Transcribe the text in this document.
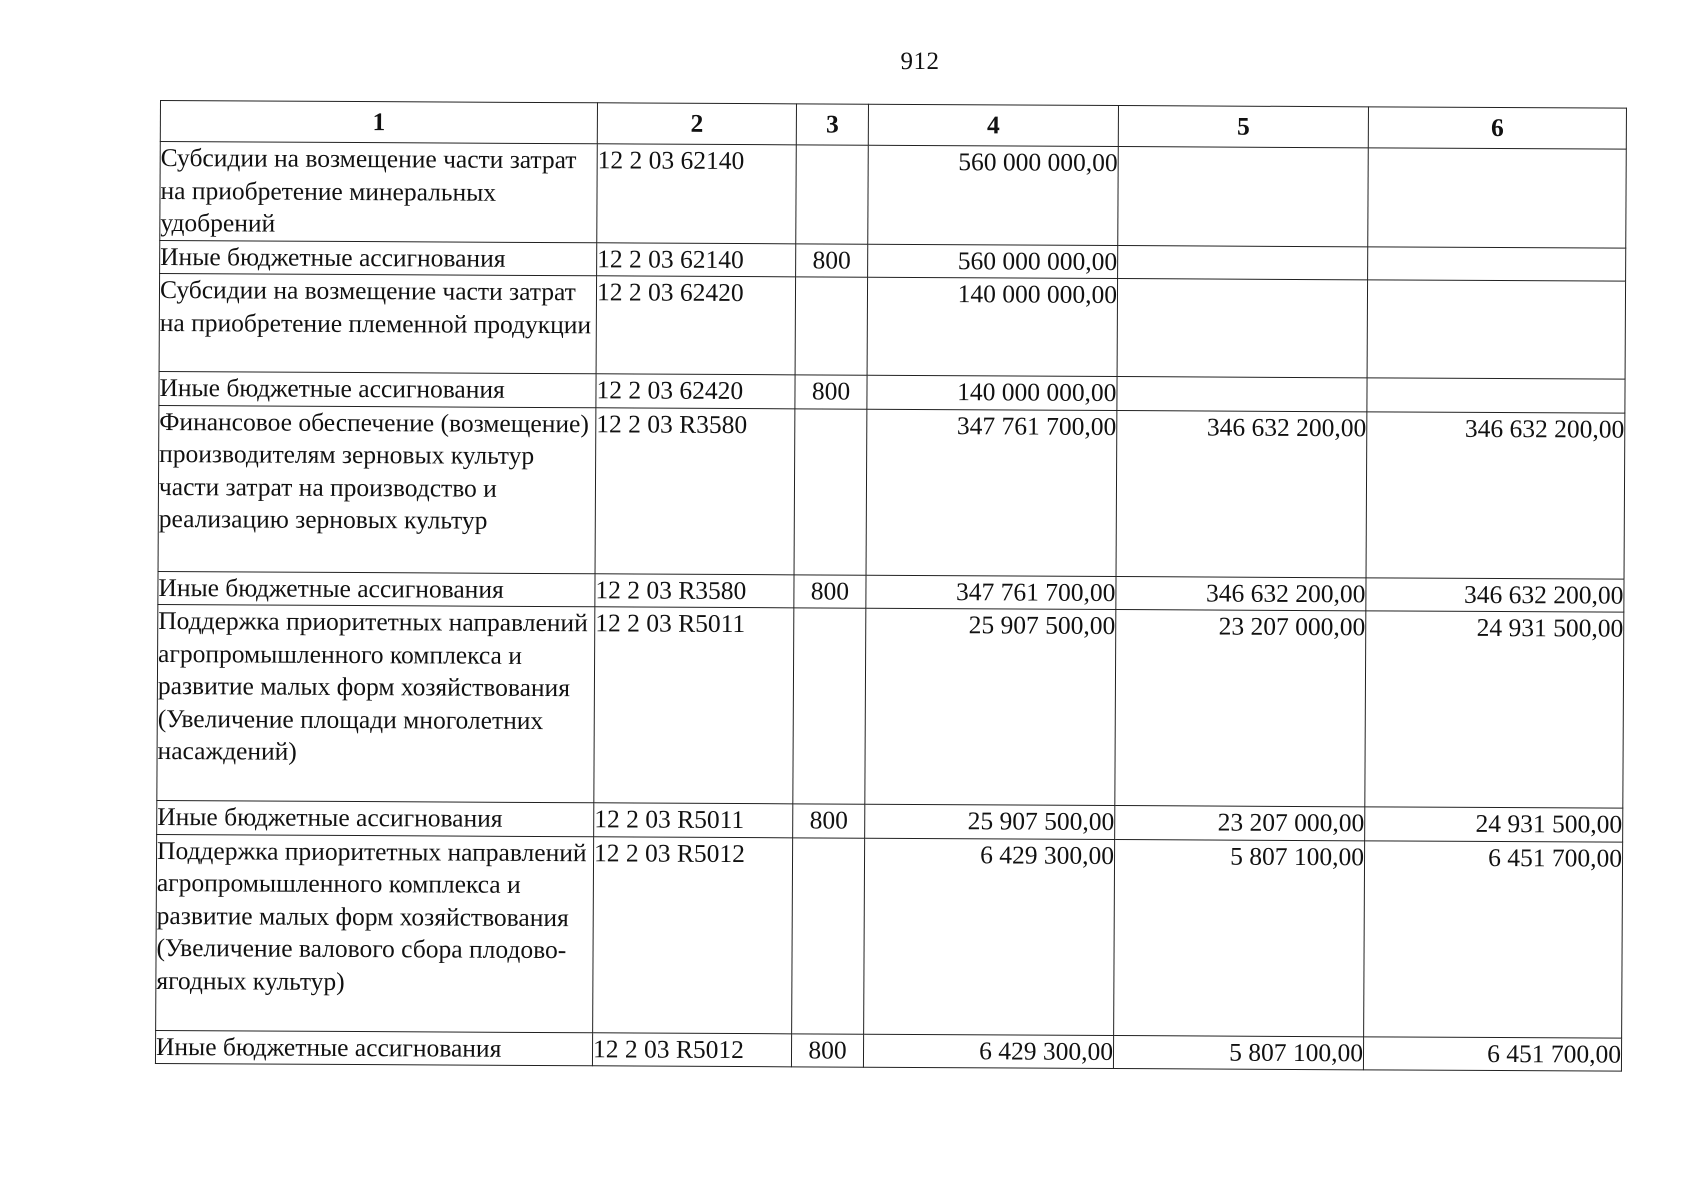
912
1	2	3	4	5	6
Субсидии на возмещение части затрат на приобретение минеральных удобрений	12 2 03 62140		560 000 000,00		
Иные бюджетные ассигнования	12 2 03 62140	800	560 000 000,00		
Субсидии на возмещение части затрат на приобретение племенной продукции	12 2 03 62420		140 000 000,00		
Иные бюджетные ассигнования	12 2 03 62420	800	140 000 000,00		
Финансовое обеспечение (возмещение) производителям зерновых культур части затрат на производство и реализацию зерновых культур	12 2 03 R3580		347 761 700,00	346 632 200,00	346 632 200,00
Иные бюджетные ассигнования	12 2 03 R3580	800	347 761 700,00	346 632 200,00	346 632 200,00
Поддержка приоритетных направлений агропромышленного комплекса и развитие малых форм хозяйствования (Увеличение площади многолетних насаждений)	12 2 03 R5011		25 907 500,00	23 207 000,00	24 931 500,00
Иные бюджетные ассигнования	12 2 03 R5011	800	25 907 500,00	23 207 000,00	24 931 500,00
Поддержка приоритетных направлений агропромышленного комплекса и развитие малых форм хозяйствования (Увеличение валового сбора плодово-ягодных культур)	12 2 03 R5012		6 429 300,00	5 807 100,00	6 451 700,00
Иные бюджетные ассигнования	12 2 03 R5012	800	6 429 300,00	5 807 100,00	6 451 700,00
